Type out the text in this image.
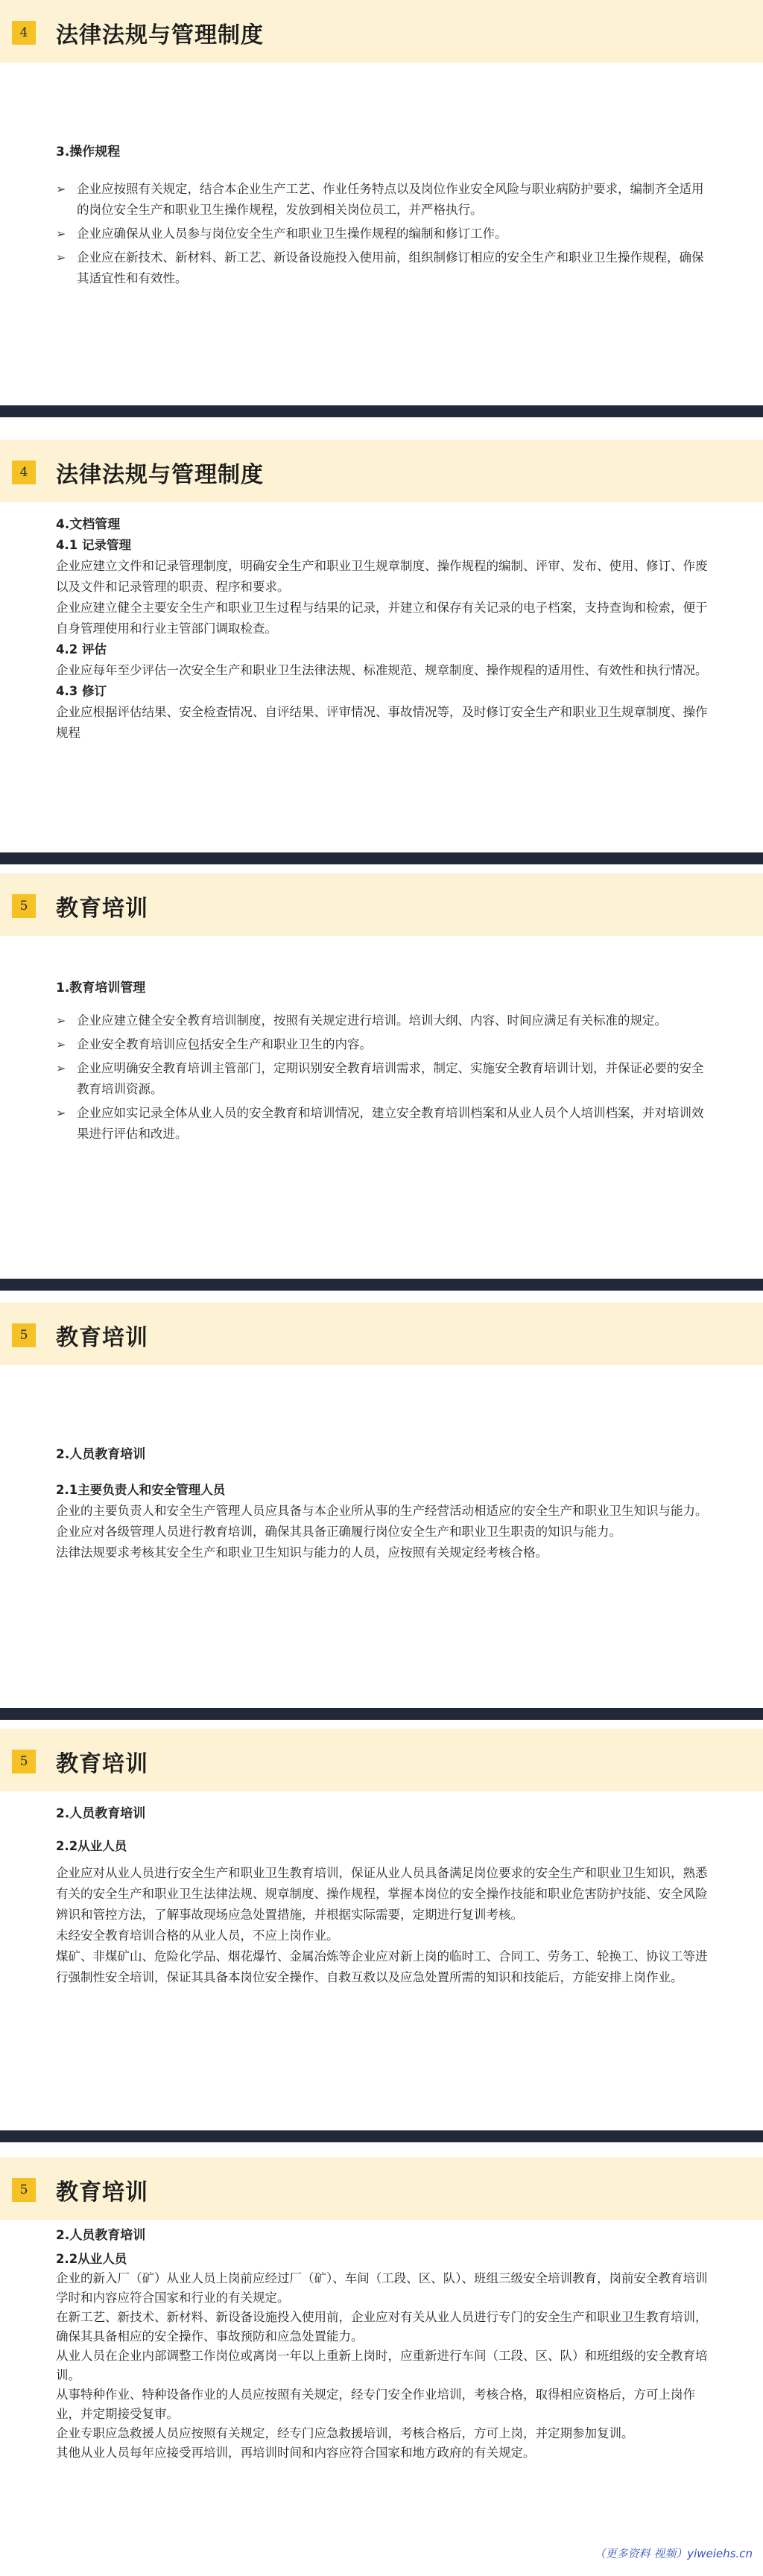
4	法律法规与管理制度

3.操作规程

➢ 企业应按照有关规定，结合本企业生产工艺、作业任务特点以及岗位作业安全风险与职业病防护要求，编制齐全适用的岗位安全生产和职业卫生操作规程，发放到相关岗位员工，并严格执行。
➢ 企业应确保从业人员参与岗位安全生产和职业卫生操作规程的编制和修订工作。
➢ 企业应在新技术、新材料、新工艺、新设备设施投入使用前，组织制修订相应的安全生产和职业卫生操作规程，确保其适宜性和有效性。
4	法律法规与管理制度

4.文档管理

4.1 记录管理

企业应建立文件和记录管理制度，明确安全生产和职业卫生规章制度、操作规程的编制、评审、发布、使用、修订、作废以及文件和记录管理的职责、程序和要求。

企业应建立健全主要安全生产和职业卫生过程与结果的记录，并建立和保存有关记录的电子档案，支持查询和检索，便于自身管理使用和行业主管部门调取检查。

4.2 评估

企业应每年至少评估一次安全生产和职业卫生法律法规、标准规范、规章制度、操作规程的适用性、有效性和执行情况。

4.3 修订

企业应根据评估结果、安全检查情况、自评结果、评审情况、事故情况等，及时修订安全生产和职业卫生规章制度、操作规程

5	教育培训

1.教育培训管理

➢ 企业应建立健全安全教育培训制度，按照有关规定进行培训。培训大纲、内容、时间应满足有关标准的规定。
➢ 企业安全教育培训应包括安全生产和职业卫生的内容。
➢ 企业应明确安全教育培训主管部门，定期识别安全教育培训需求，制定、实施安全教育培训计划，并保证必要的安全教育培训资源。
➢ 企业应如实记录全体从业人员的安全教育和培训情况，建立安全教育培训档案和从业人员个人培训档案，并对培训效果进行评估和改进。
5	教育培训

2.人员教育培训

2.1主要负责人和安全管理人员

企业的主要负责人和安全生产管理人员应具备与本企业所从事的生产经营活动相适应的安全生产和职业卫生知识与能力。

企业应对各级管理人员进行教育培训，确保其具备正确履行岗位安全生产和职业卫生职责的知识与能力。

法律法规要求考核其安全生产和职业卫生知识与能力的人员，应按照有关规定经考核合格。

5	教育培训

2.人员教育培训

2.2从业人员

企业应对从业人员进行安全生产和职业卫生教育培训，保证从业人员具备满足岗位要求的安全生产和职业卫生知识，熟悉有关的安全生产和职业卫生法律法规、规章制度、操作规程，掌握本岗位的安全操作技能和职业危害防护技能、安全风险辨识和管控方法，了解事故现场应急处置措施，并根据实际需要，定期进行复训考核。

未经安全教育培训合格的从业人员，不应上岗作业。

煤矿、非煤矿山、危险化学品、烟花爆竹、金属冶炼等企业应对新上岗的临时工、合同工、劳务工、轮换工、协议工等进行强制性安全培训，保证其具备本岗位安全操作、自救互救以及应急处置所需的知识和技能后，方能安排上岗作业。

5	教育培训

2.人员教育培训

2.2从业人员

企业的新入厂（矿）从业人员上岗前应经过厂（矿）、车间（工段、区、队）、班组三级安全培训教育，岗前安全教育培训学时和内容应符合国家和行业的有关规定。

在新工艺、新技术、新材料、新设备设施投入使用前，企业应对有关从业人员进行专门的安全生产和职业卫生教育培训，确保其具备相应的安全操作、事故预防和应急处置能力。

从业人员在企业内部调整工作岗位或离岗一年以上重新上岗时，应重新进行车间（工段、区、队）和班组级的安全教育培训。

从事特种作业、特种设备作业的人员应按照有关规定，经专门安全作业培训，考核合格，取得相应资格后，方可上岗作业，并定期接受复审。

企业专职应急救援人员应按照有关规定，经专门应急救援培训，考核合格后，方可上岗，并定期参加复训。

其他从业人员每年应接受再培训，再培训时间和内容应符合国家和地方政府的有关规定。

（更多资料 视频）yiweiehs.cn
